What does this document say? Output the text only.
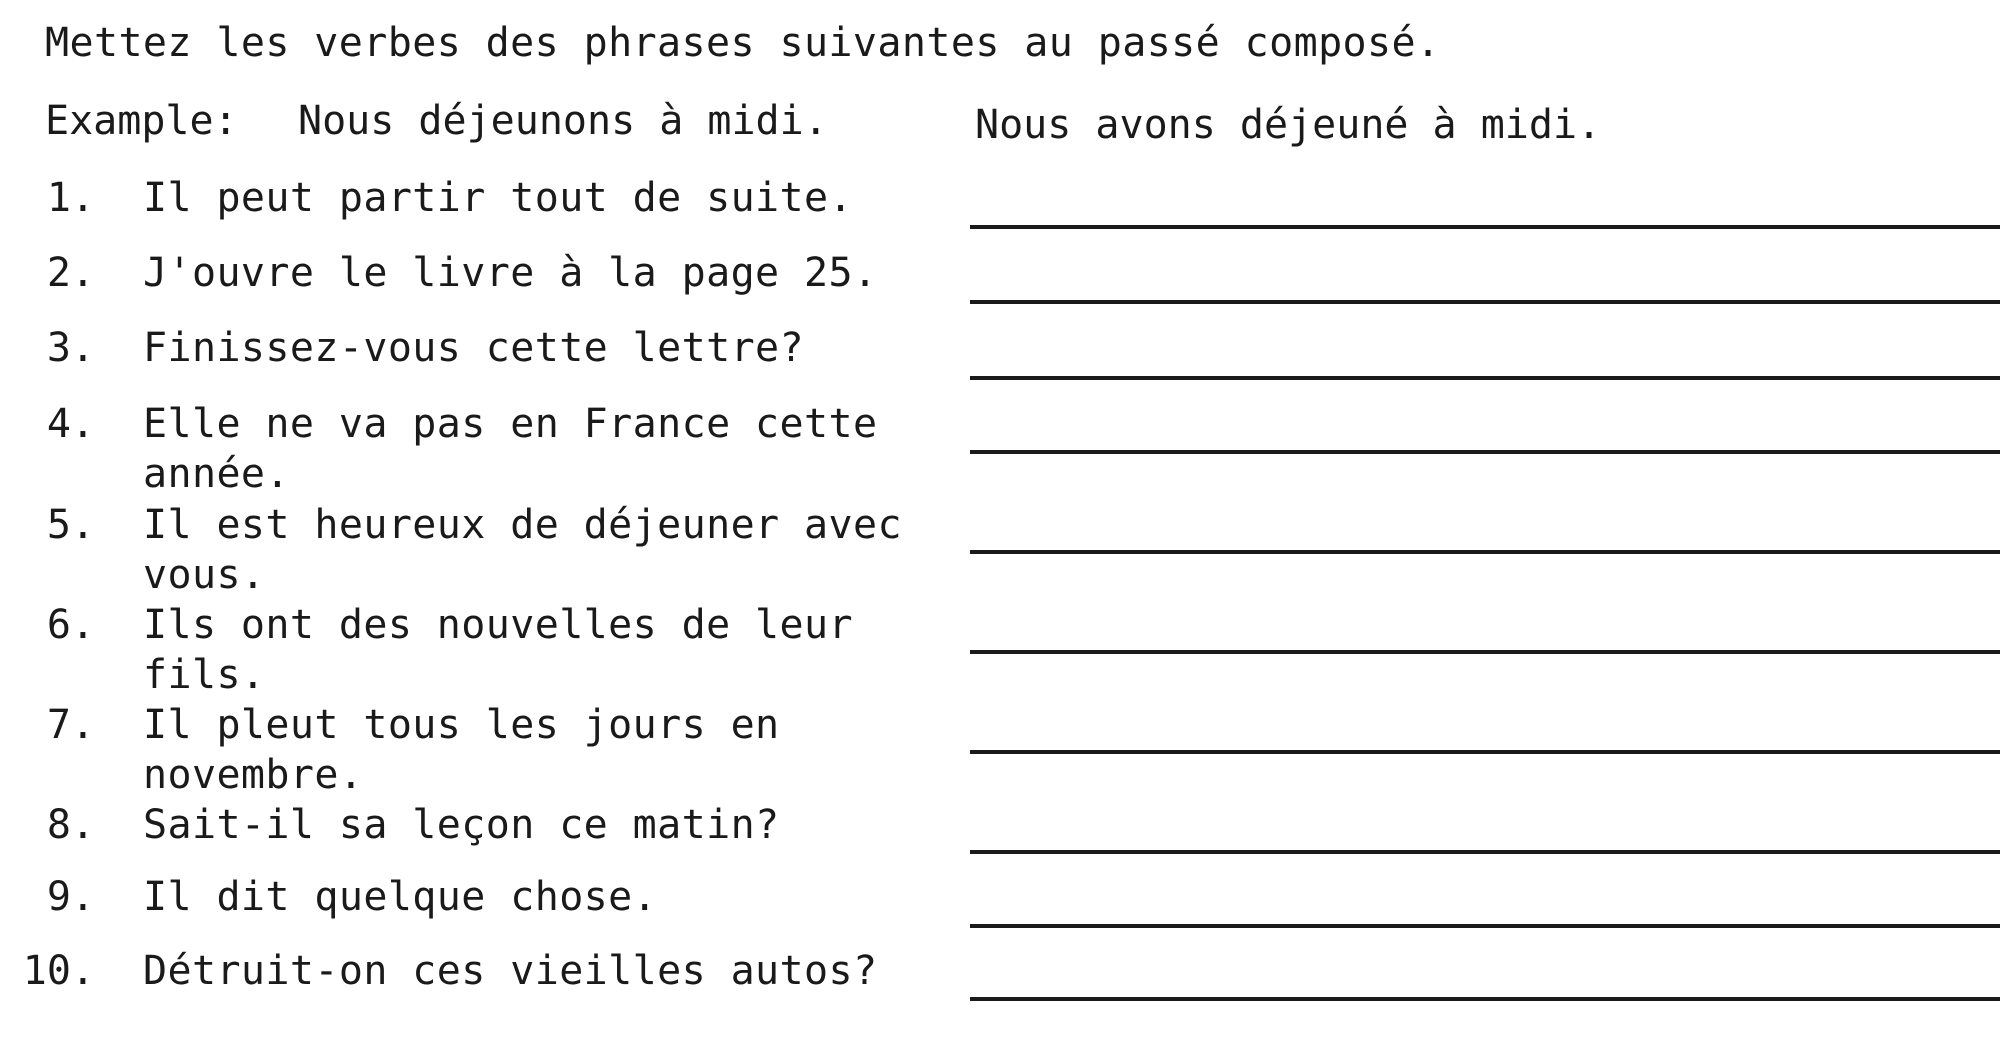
Mettez les verbes des phrases suivantes au passé composé.
Example: Nous déjeunons à midi.	Nous avons déjeuné à midi.
1. Il peut partir tout de suite.
2. J'ouvre le livre à la page 25.
3. Finissez-vous cette lettre?
4. Elle ne va pas en France cette année.
5. Il est heureux de déjeuner avec vous.
6. Ils ont des nouvelles de leur fils.
7. Il pleut tous les jours en novembre.
8. Sait-il sa leçon ce matin?
9. Il dit quelque chose.
10. Détruit-on ces vieilles autos?
